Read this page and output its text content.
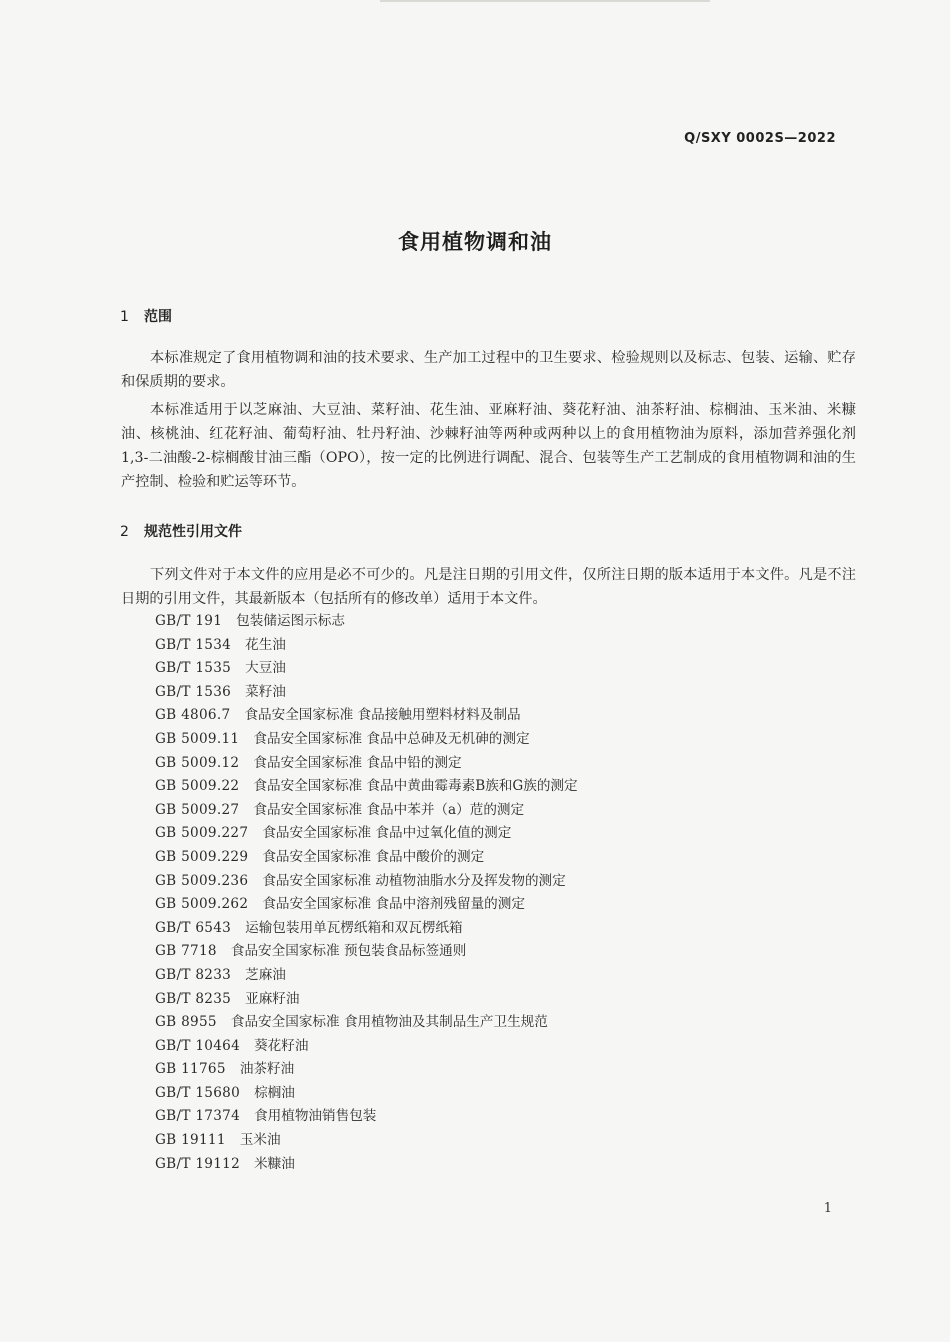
Q/SXY 0002S—2022
食用植物调和油
1 范围
本标准规定了食用植物调和油的技术要求、生产加工过程中的卫生要求、检验规则以及标志、包装、运输、贮存和保质期的要求。
本标准适用于以芝麻油、大豆油、菜籽油、花生油、亚麻籽油、葵花籽油、油茶籽油、棕榈油、玉米油、米糠油、核桃油、红花籽油、葡萄籽油、牡丹籽油、沙棘籽油等两种或两种以上的食用植物油为原料，添加营养强化剂1,3-二油酸-2-棕榈酸甘油三酯（OPO），按一定的比例进行调配、混合、包装等生产工艺制成的食用植物调和油的生产控制、检验和贮运等环节。
2 规范性引用文件
下列文件对于本文件的应用是必不可少的。凡是注日期的引用文件，仅所注日期的版本适用于本文件。凡是不注日期的引用文件，其最新版本（包括所有的修改单）适用于本文件。
GB/T 191 包装储运图示标志
GB/T 1534 花生油
GB/T 1535 大豆油
GB/T 1536 菜籽油
GB 4806.7 食品安全国家标准 食品接触用塑料材料及制品
GB 5009.11 食品安全国家标准 食品中总砷及无机砷的测定
GB 5009.12 食品安全国家标准 食品中铅的测定
GB 5009.22 食品安全国家标准 食品中黄曲霉毒素B族和G族的测定
GB 5009.27 食品安全国家标准 食品中苯并（a）苊的测定
GB 5009.227 食品安全国家标准 食品中过氧化值的测定
GB 5009.229 食品安全国家标准 食品中酸价的测定
GB 5009.236 食品安全国家标准 动植物油脂水分及挥发物的测定
GB 5009.262 食品安全国家标准 食品中溶剂残留量的测定
GB/T 6543 运输包装用单瓦楞纸箱和双瓦楞纸箱
GB 7718 食品安全国家标准 预包装食品标签通则
GB/T 8233 芝麻油
GB/T 8235 亚麻籽油
GB 8955 食品安全国家标准 食用植物油及其制品生产卫生规范
GB/T 10464 葵花籽油
GB 11765 油茶籽油
GB/T 15680 棕榈油
GB/T 17374 食用植物油销售包装
GB 19111 玉米油
GB/T 19112 米糠油
1
